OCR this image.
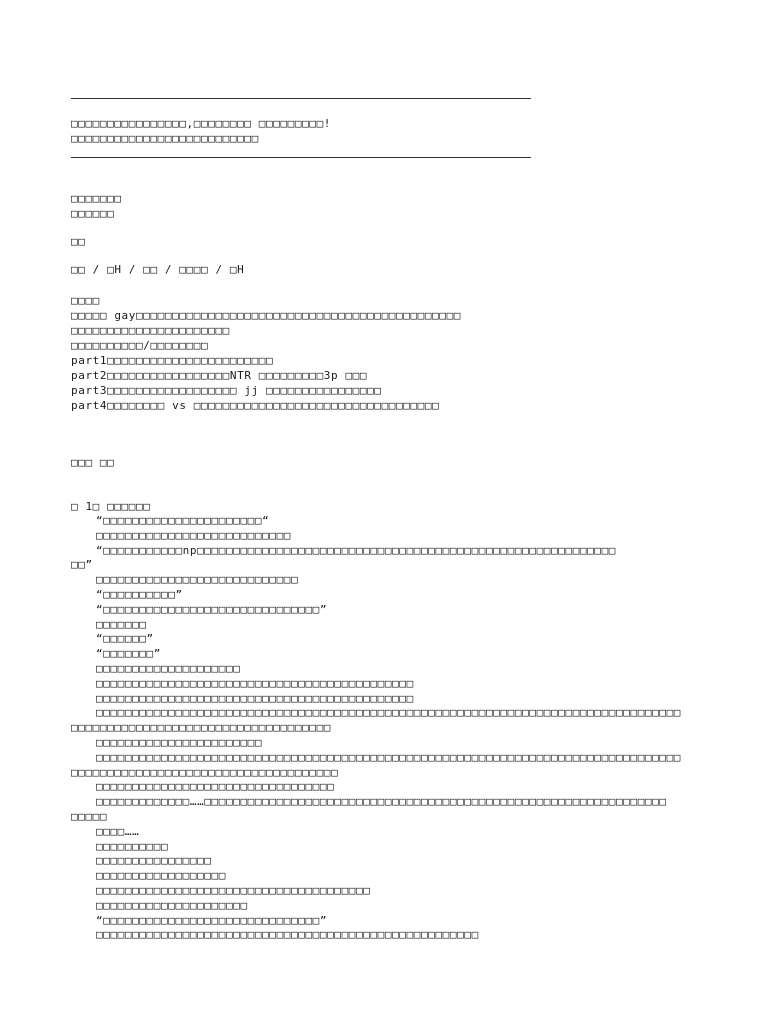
□□□□□□□□□□□□□□□□,□□□□□□□□ □□□□□□□□□!
□□□□□□□□□□□□□□□□□□□□□□□□□□
□□□□□□□
□□□□□□
□□
□□ / □H / □□ / □□□□ / □H
□□□□
□□□□□ gay□□□□□□□□□□□□□□□□□□□□□□□□□□□□□□□□□□□□□□□□□□□□□
□□□□□□□□□□□□□□□□□□□□□□
□□□□□□□□□□/□□□□□□□□
part1□□□□□□□□□□□□□□□□□□□□□□□
part2□□□□□□□□□□□□□□□□□NTR □□□□□□□□□3p □□□
part3□□□□□□□□□□□□□□□□□□ jj □□□□□□□□□□□□□□□□
part4□□□□□□□□ vs □□□□□□□□□□□□□□□□□□□□□□□□□□□□□□□□□□
□□□ □□
□ 1□ □□□□□□
“□□□□□□□□□□□□□□□□□□□□□□“
□□□□□□□□□□□□□□□□□□□□□□□□□□□
“□□□□□□□□□□□np□□□□□□□□□□□□□□□□□□□□□□□□□□□□□□□□□□□□□□□□□□□□□□□□□□□□□□□□□□
□□”
□□□□□□□□□□□□□□□□□□□□□□□□□□□□
“□□□□□□□□□□”
“□□□□□□□□□□□□□□□□□□□□□□□□□□□□□□”
□□□□□□□
“□□□□□□”
“□□□□□□□”
□□□□□□□□□□□□□□□□□□□□
□□□□□□□□□□□□□□□□□□□□□□□□□□□□□□□□□□□□□□□□□□□□
□□□□□□□□□□□□□□□□□□□□□□□□□□□□□□□□□□□□□□□□□□□□
□□□□□□□□□□□□□□□□□□□□□□□□□□□□□□□□□□□□□□□□□□□□□□□□□□□□□□□□□□□□□□□□□□□□□□□□□□□□□□□□□
□□□□□□□□□□□□□□□□□□□□□□□□□□□□□□□□□□□□
□□□□□□□□□□□□□□□□□□□□□□□
□□□□□□□□□□□□□□□□□□□□□□□□□□□□□□□□□□□□□□□□□□□□□□□□□□□□□□□□□□□□□□□□□□□□□□□□□□□□□□□□□
□□□□□□□□□□□□□□□□□□□□□□□□□□□□□□□□□□□□□
□□□□□□□□□□□□□□□□□□□□□□□□□□□□□□□□□
□□□□□□□□□□□□□……□□□□□□□□□□□□□□□□□□□□□□□□□□□□□□□□□□□□□□□□□□□□□□□□□□□□□□□□□□□□□□□□
□□□□□
□□□□……
□□□□□□□□□□
□□□□□□□□□□□□□□□□
□□□□□□□□□□□□□□□□□□
□□□□□□□□□□□□□□□□□□□□□□□□□□□□□□□□□□□□□□
□□□□□□□□□□□□□□□□□□□□□
“□□□□□□□□□□□□□□□□□□□□□□□□□□□□□□”
□□□□□□□□□□□□□□□□□□□□□□□□□□□□□□□□□□□□□□□□□□□□□□□□□□□□□
